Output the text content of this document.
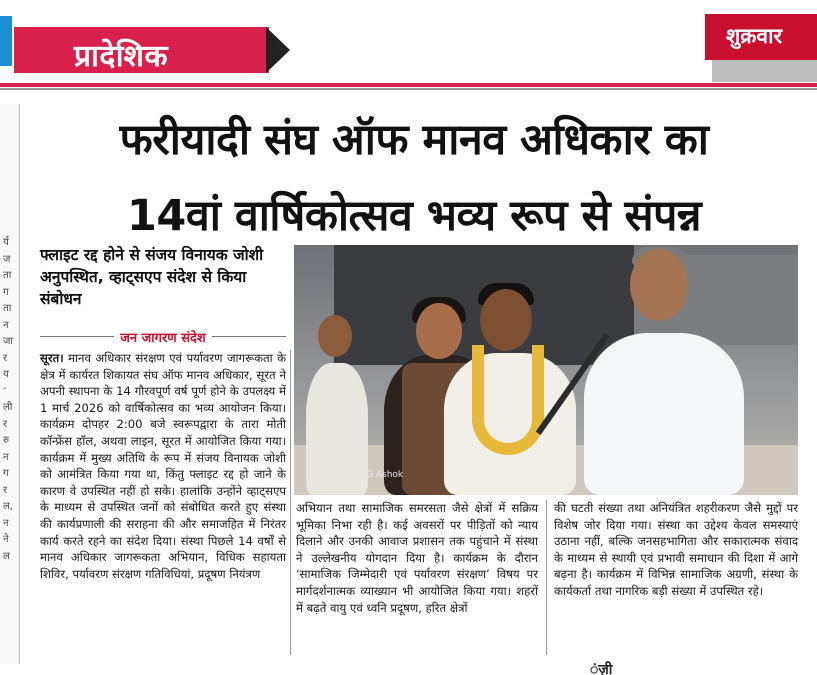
प्रादेशिक
शुक्रवार
र्य
ज
ता
ग
ता
न
जा
र
य
-
ली
र
रु
न
ग
र
ल,
न
ने
ल
फरीयादी संघ ऑफ मानव अधिकार का
14वां वार्षिकोत्सव भव्य रूप से संपन्न
फ्लाइट रद्द होने से संजय विनायक जोशी अनुपस्थित, व्हाट्सएप संदेश से किया संबोधन
जन जागरण संदेश
सूरत। मानव अधिकार संरक्षण एवं पर्यावरण जागरूकता के क्षेत्र में कार्यरत शिकायत संघ ऑफ मानव अधिकार, सूरत ने अपनी स्थापना के 14 गौरवपूर्ण वर्ष पूर्ण होने के उपलक्ष्य में 1 मार्च 2026 को वार्षिकोत्सव का भव्य आयोजन किया। कार्यक्रम दोपहर 2:00 बजे स्वरूपद्वारा के तारा मोती कॉन्फ्रेंस हॉल, अथवा लाइन, सूरत में आयोजित किया गया। कार्यक्रम में मुख्य अतिथि के रूप में संजय विनायक जोशी को आमंत्रित किया गया था, किंतु फ्लाइट रद्द हो जाने के कारण वे उपस्थित नहीं हो सके। हालांकि उन्होंने व्हाट्सएप के माध्यम से उपस्थित जनों को संबोधित करते हुए संस्था की कार्यप्रणाली की सराहना की और समाजहित में निरंतर कार्य करते रहने का संदेश दिया। संस्था पिछले 14 वर्षों से मानव अधिकार जागरूकता अभियान, विधिक सहायता शिविर, पर्यावरण संरक्षण गतिविधियां, प्रदूषण नियंत्रण
अभियान तथा सामाजिक समरसता जैसे क्षेत्रों में सक्रिय भूमिका निभा रही है। कई अवसरों पर पीड़ितों को न्याय दिलाने और उनकी आवाज प्रशासन तक पहुंचाने में संस्था ने उल्लेखनीय योगदान दिया है। कार्यक्रम के दौरान ‘सामाजिक जिम्मेदारी एवं पर्यावरण संरक्षण’ विषय पर मार्गदर्शनात्मक व्याख्यान भी आयोजित किया गया। शहरों में बढ़ते वायु एवं ध्वनि प्रदूषण, हरित क्षेत्रों
की घटती संख्या तथा अनियंत्रित शहरीकरण जैसे मुद्दों पर विशेष जोर दिया गया। संस्था का उद्देश्य केवल समस्याएं उठाना नहीं, बल्कि जनसहभागिता और सकारात्मक संवाद के माध्यम से स्थायी एवं प्रभावी समाधान की दिशा में आगे बढ़ना है। कार्यक्रम में विभिन्न सामाजिक अग्रणी, संस्था के कार्यकर्ता तथा नागरिक बड़ी संख्या में उपस्थित रहे।
13 SG Ashok
ंज़ी
